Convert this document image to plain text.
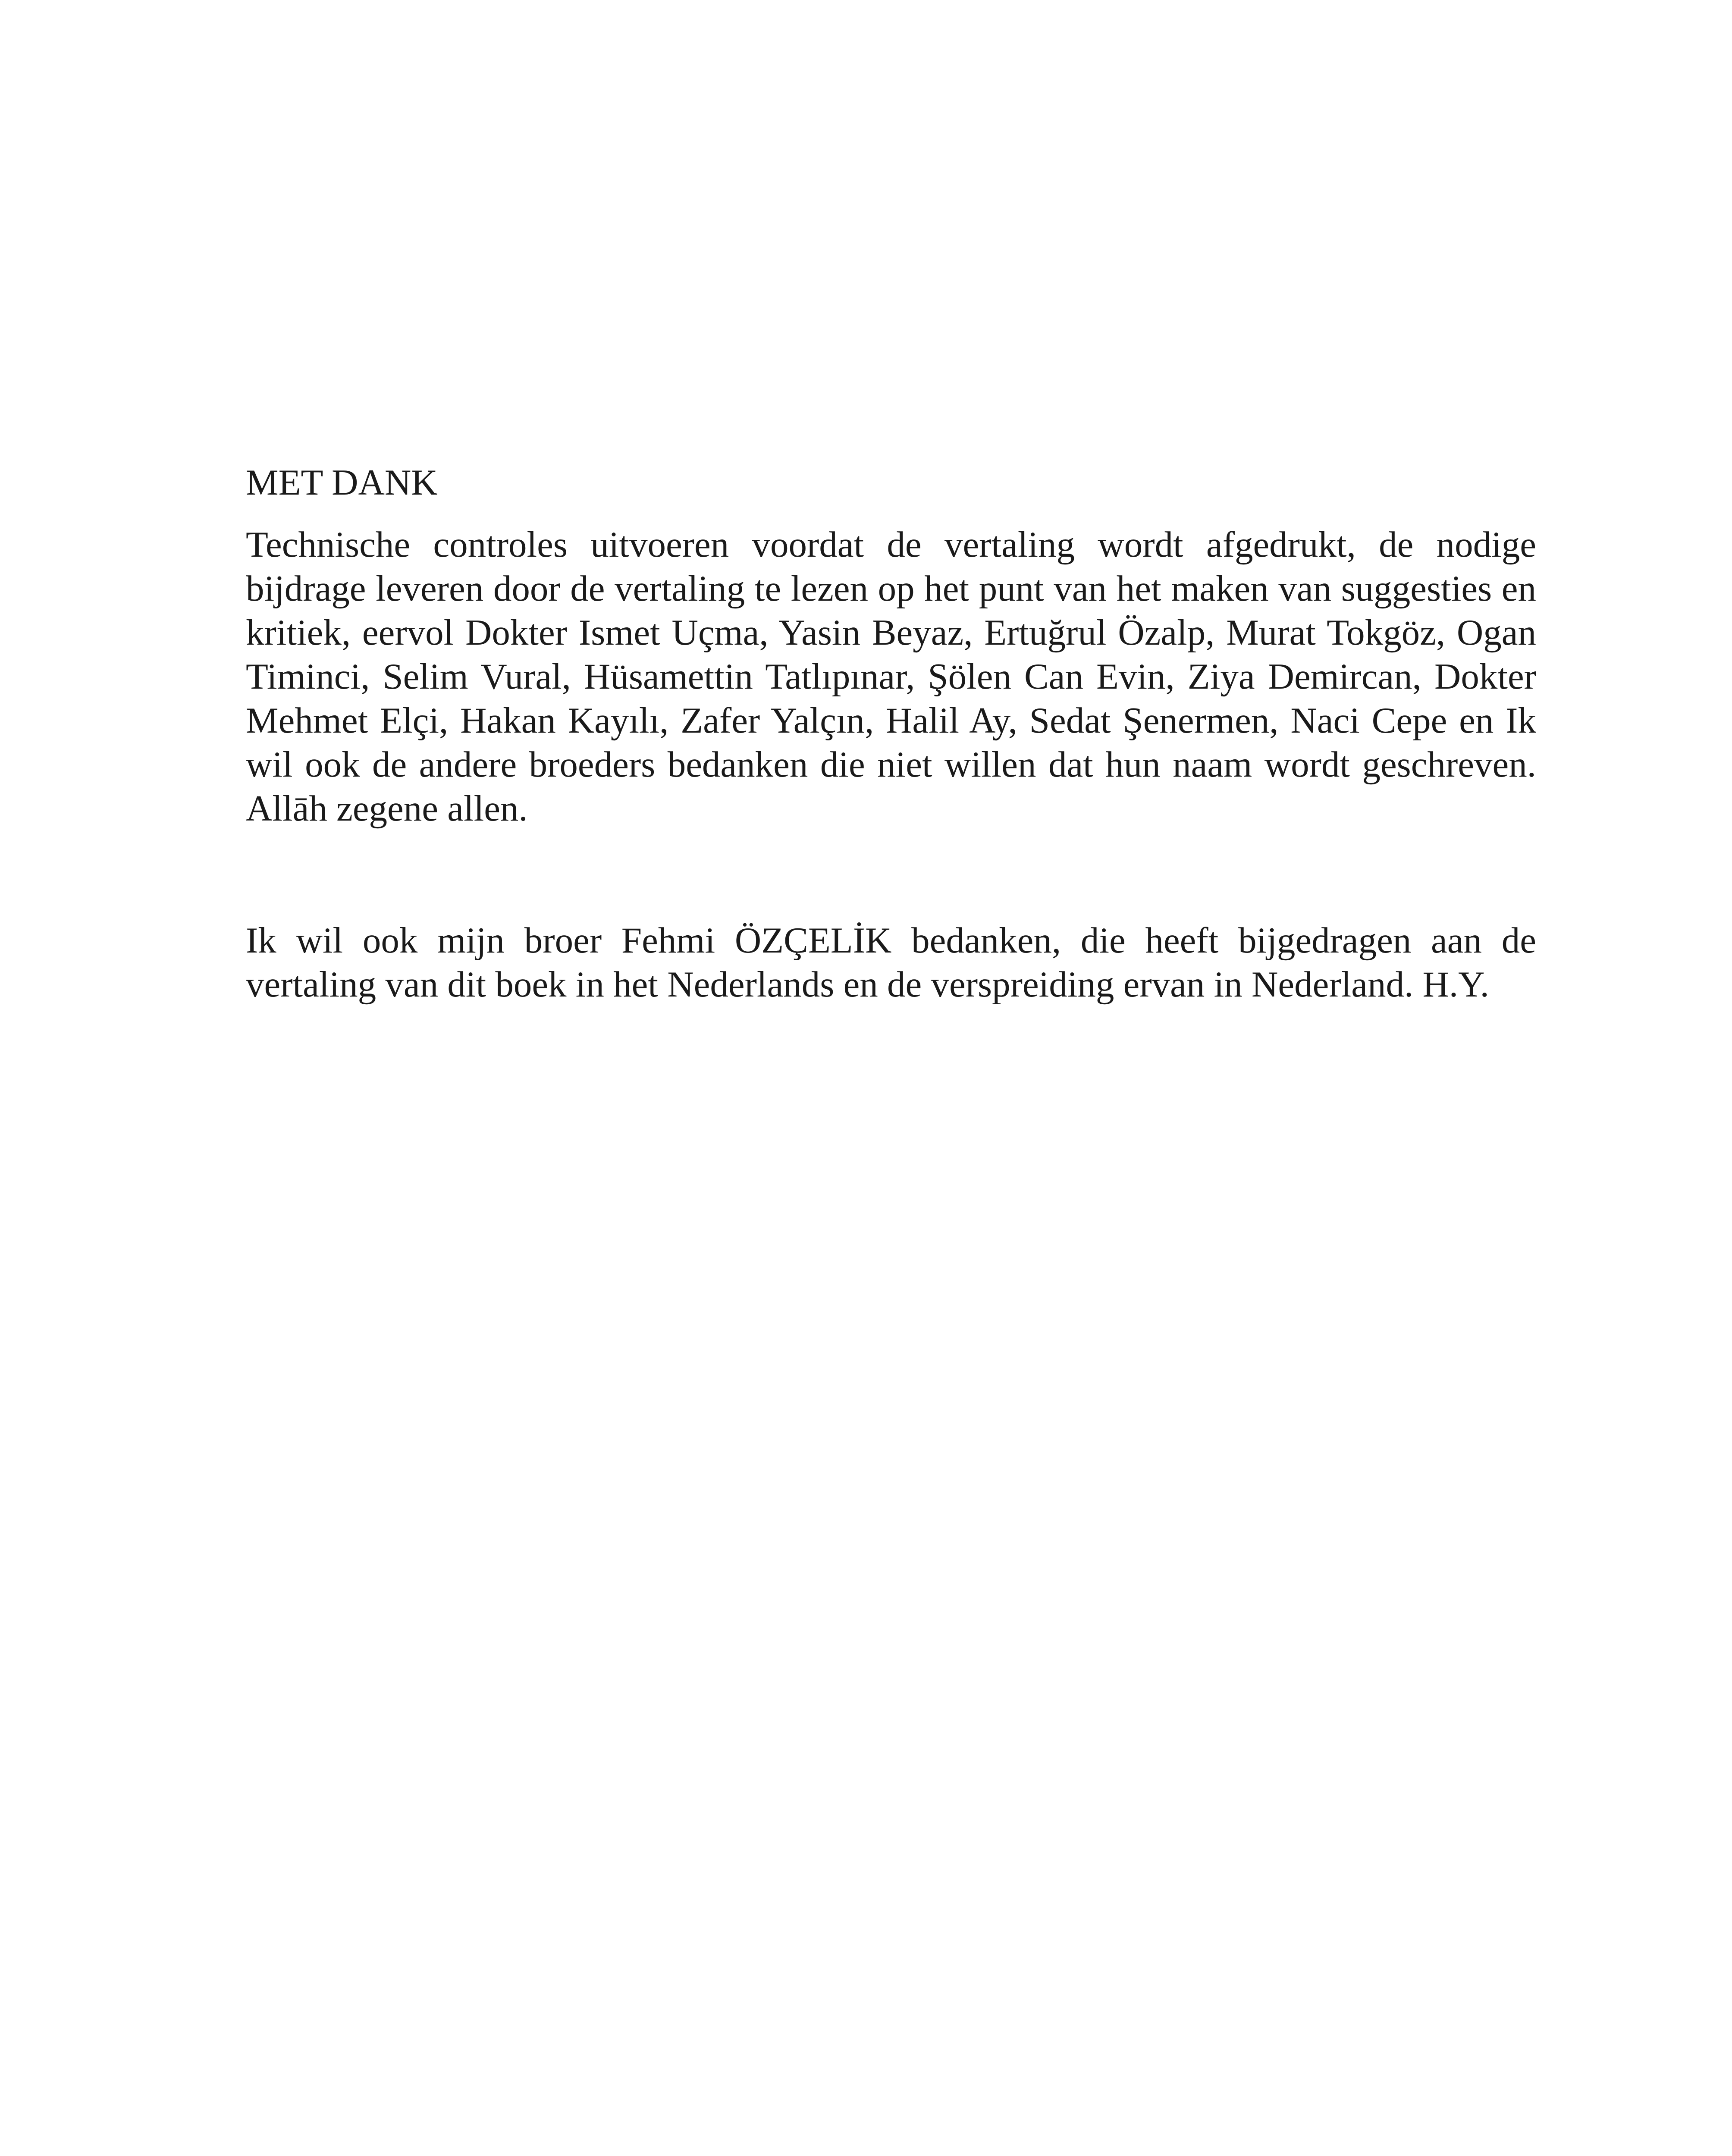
MET DANK

Technische controles uitvoeren voordat de vertaling wordt afgedrukt, de nodige bijdrage leveren door de vertaling te lezen op het punt van het maken van suggesties en kritiek, eervol Dokter Ismet Uçma, Yasin Beyaz, Ertuğrul Özalp, Murat Tokgöz, Ogan Timinci, Selim Vural, Hüsamettin Tatlıpınar, Şölen Can Evin, Ziya Demircan, Dokter Mehmet Elçi, Hakan Kayılı, Zafer Yalçın, Halil Ay, Sedat Şenermen, Naci Cepe en Ik wil ook de andere broeders bedanken die niet willen dat hun naam wordt geschreven. Allāh zegene allen.

Ik wil ook mijn broer Fehmi ÖZÇELİK bedanken, die heeft bijgedragen aan de vertaling van dit boek in het Nederlands en de verspreiding ervan in Nederland. H.Y.
